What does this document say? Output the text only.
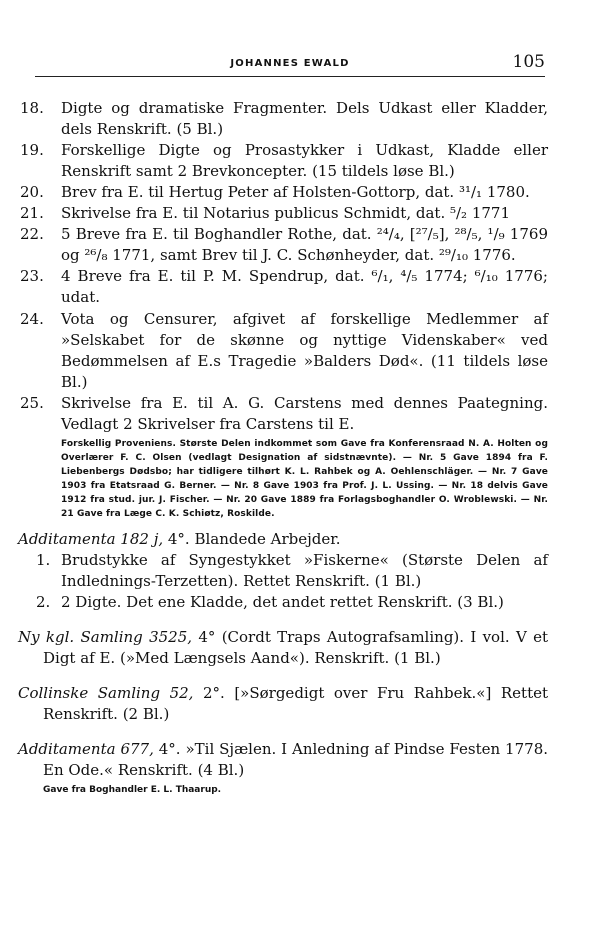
JOHANNES EWALD	105
18.	Digte og dramatiske Fragmenter. Dels Udkast eller Kladder, dels Renskrift. (5 Bl.)
19.	Forskellige Digte og Prosastykker i Udkast, Kladde eller Renskrift samt 2 Brevkoncepter. (15 tildels løse Bl.)
20.	Brev fra E. til Hertug Peter af Holsten-Gottorp, dat. ³¹/₁ 1780.
21.	Skrivelse fra E. til Notarius publicus Schmidt, dat. ⁵/₂ 1771
22.	5 Breve fra E. til Boghandler Rothe, dat. ²⁴/₄, [²⁷/₅], ²⁸/₅, ¹/₉ 1769 og ²⁶/₈ 1771, samt Brev til J. C. Schønheyder, dat. ²⁹/₁₀ 1776.
23.	4 Breve fra E. til P. M. Spendrup, dat. ⁶/₁, ⁴/₅ 1774; ⁶/₁₀ 1776; udat.
24.	Vota og Censurer, afgivet af forskellige Medlemmer af »Selskabet for de skønne og nyttige Videnskaber« ved Bedømmelsen af E.s Tragedie »Balders Død«. (11 tildels løse Bl.)
25.	Skrivelse fra E. til A. G. Carstens med dennes Paategning. Vedlagt 2 Skrivelser fra Carstens til E.
Forskellig Proveniens. Største Delen indkommet som Gave fra Konferensraad N. A. Holten og Overlærer F. C. Olsen (vedlagt Designation af sidstnævnte). — Nr. 5 Gave 1894 fra F. Liebenbergs Dødsbo; har tidligere tilhørt K. L. Rahbek og A. Oehlenschläger. — Nr. 7 Gave 1903 fra Etatsraad G. Berner. — Nr. 8 Gave 1903 fra Prof. J. L. Ussing. — Nr. 18 delvis Gave 1912 fra stud. jur. J. Fischer. — Nr. 20 Gave 1889 fra Forlagsboghandler O. Wroblewski. — Nr. 21 Gave fra Læge C. K. Schiøtz, Roskilde.
Additamenta 182 j, 4°. Blandede Arbejder.
1. Brudstykke af Syngestykket »Fiskerne« (Største Delen af Indlednings-Terzetten). Rettet Renskrift. (1 Bl.)
2. 2 Digte. Det ene Kladde, det andet rettet Renskrift. (3 Bl.)
Ny kgl. Samling 3525, 4° (Cordt Traps Autografsamling). I vol. V et Digt af E. (»Med Længsels Aand«). Renskrift. (1 Bl.)
Collinske Samling 52, 2°. [»Sørgedigt over Fru Rahbek.«] Rettet Renskrift. (2 Bl.)
Additamenta 677, 4°. »Til Sjælen. I Anledning af Pindse Festen 1778. En Ode.« Renskrift. (4 Bl.)
Gave fra Boghandler E. L. Thaarup.
